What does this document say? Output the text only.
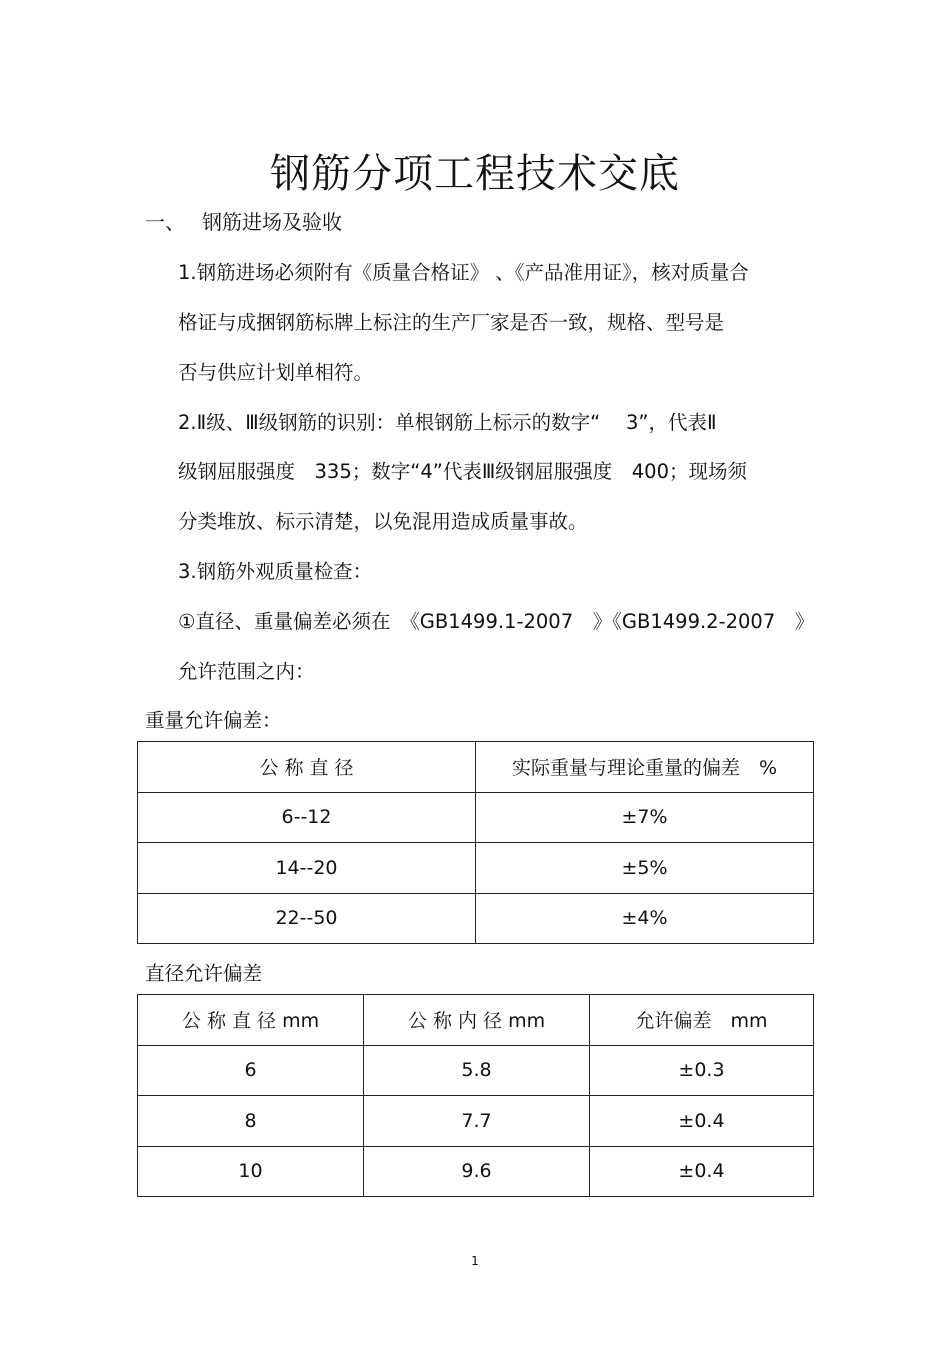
钢筋分项工程技术交底
一、 钢筋进场及验收
1.钢筋进场必须附有《质量合格证》 、《产品准用证》，核对质量合
格证与成捆钢筋标牌上标注的生产厂家是否一致，规格、型号是
否与供应计划单相符。
2.Ⅱ级、Ⅲ级钢筋的识别：单根钢筋上标示的数字“　 3”，代表Ⅱ
级钢屈服强度　335；数字“4”代表Ⅲ级钢屈服强度　400；现场须
分类堆放、标示清楚，以免混用造成质量事故。
3.钢筋外观质量检查：
①直径、重量偏差必须在　《GB1499.1-2007　》《GB1499.2-2007　》
允许范围之内：
重量允许偏差：
公 称 直 径	实际重量与理论重量的偏差　%
6--12	±7%
14--20	±5%
22--50	±4%
直径允许偏差
公 称 直 径 mm	公 称 内 径 mm	允许偏差　mm
6	5.8	±0.3
8	7.7	±0.4
10	9.6	±0.4
1
